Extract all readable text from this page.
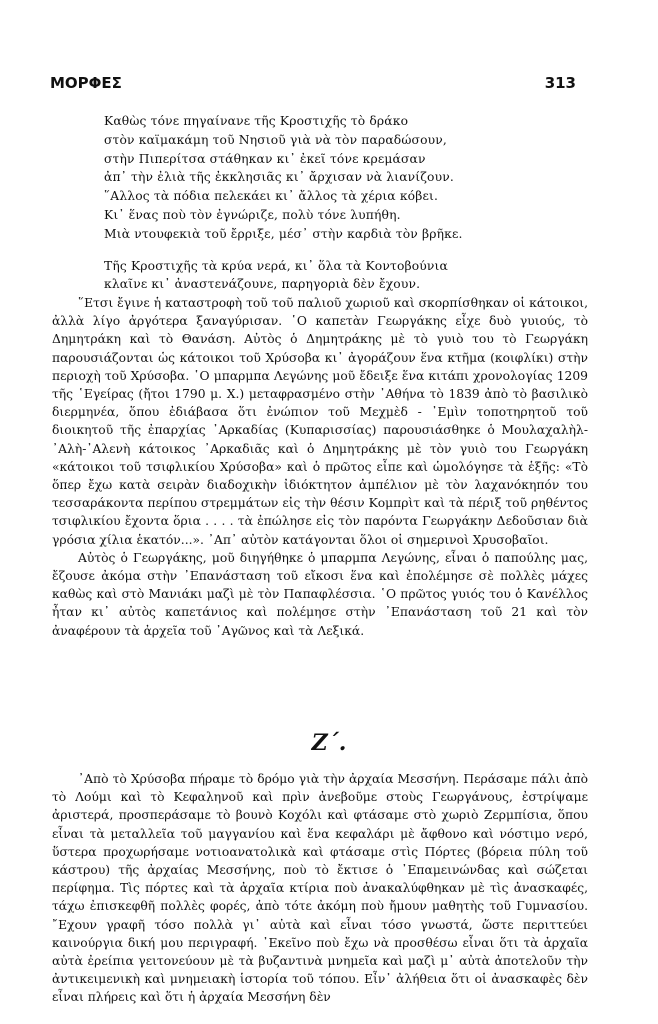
ΜΟΡΦΕΣ	313
Καθὼς τόνε πηγαίνανε τῆς Κροστιχῆς τὸ δράκο
στὸν καϊμακάμη τοῦ Νησιοῦ γιὰ νὰ τὸν παραδώσουν,
στὴν Πιπερίτσα στάθηκαν κι᾽ ἐκεῖ τόνε κρεμάσαν
ἀπ᾽ τὴν ἐλιὰ τῆς ἐκκλησιᾶς κι᾽ ἄρχισαν νὰ λιανίζουν.
῞Αλλος τὰ πόδια πελεκάει κι᾽ ἄλλος τὰ χέρια κόβει.
Κι᾽ ἕνας ποὺ τὸν ἐγνώριζε, πολὺ τόνε λυπήθη.
Μιὰ ντουφεκιὰ τοῦ ἔρριξε, μέσ᾽ στὴν καρδιὰ τὸν βρῆκε.
Τῆς Κροστιχῆς τὰ κρύα νερά, κι᾽ ὅλα τὰ Κοντοβούνια
κλαῖνε κι᾽ ἀναστενάζουνε, παρηγοριὰ δὲν ἔχουν.

῞Ετσι ἔγινε ἡ καταστροφὴ τοῦ τοῦ παλιοῦ χωριοῦ καὶ σκορπίσθηκαν οἱ κάτοικοι, ἀλλὰ λίγο ἀργότερα ξαναγύρισαν. ῾Ο καπετὰν Γεωργάκης εἶχε δυὸ γυιούς, τὸ Δημητράκη καὶ τὸ Θανάση. Αὐτὸς ὁ Δημητράκης μὲ τὸ γυιὸ του τὸ Γεωργάκη παρουσιάζονται ὡς κάτοικοι τοῦ Χρύσοβα κι᾽ ἀγοράζουν ἕνα κτῆμα (κοιφλίκι) στὴν περιοχὴ τοῦ Χρύσοβα. ῾Ο μπαρμπα Λεγώνης μοῦ ἔδειξε ἕνα κιτάπι χρονολογίας 1209 τῆς ῾Εγείρας (ἤτοι 1790 μ. Χ.) μεταφρασμένο στὴν ᾽Αθήνα τὸ 1839 ἀπὸ τὸ βασιλικὸ διερμηνέα, ὅπου ἐδιάβασα ὅτι ἐνώπιον τοῦ Μεχμὲδ - ᾽Εμὶν τοποτηρητοῦ τοῦ διοικητοῦ τῆς ἐπαρχίας ᾽Αρκαδίας (Κυπαρισσίας) παρουσιάσθηκε ὁ Μουλαχαλὴλ-᾽Αλὴ-᾽Αλενὴ κάτοικος ᾽Αρκαδιᾶς καὶ ὁ Δημητράκης μὲ τὸν γυιὸ του Γεωργάκη «κάτοικοι τοῦ τσιφλικίου Χρύσοβα» καὶ ὁ πρῶτος εἶπε καὶ ὡμολόγησε τὰ ἑξῆς: «Τὸ ὅπερ ἔχω κατὰ σειρὰν διαδοχικὴν ἰδιόκτητον ἀμπέλιον μὲ τὸν λαχανόκηπόν του τεσσαράκοντα περίπου στρεμμάτων εἰς τὴν θέσιν Κομπρὶτ καὶ τὰ πέριξ τοῦ ρηθέντος τσιφλικίου ἔχοντα ὅρια . . . . τὰ ἐπώλησε εἰς τὸν παρόντα Γεωργάκην Δεδοῦσιαν διὰ γρόσια χίλια ἑκατόν...». ᾽Απ᾽ αὐτὸν κατάγονται ὅλοι οἱ σημερινοὶ Χρυσοβαῖοι.

Αὐτὸς ὁ Γεωργάκης, μοῦ διηγήθηκε ὁ μπαρμπα Λεγώνης, εἶναι ὁ παπούλης μας, ἔζουσε ἀκόμα στὴν ᾽Επανάσταση τοῦ εἴκοσι ἕνα καὶ ἐπολέμησε σὲ πολλὲς μάχες καθὼς καὶ στὸ Μανιάκι μαζὶ μὲ τὸν Παπαφλέσσια. ῾Ο πρῶτος γυιός του ὁ Κανέλλος ἦταν κι᾽ αὐτὸς καπετάνιος καὶ πολέμησε στὴν ᾽Επανάσταση τοῦ 21 καὶ τὸν ἀναφέρουν τὰ ἀρχεῖα τοῦ ᾽Αγῶνος καὶ τὰ Λεξικά.

Ζ΄.

᾽Απὸ τὸ Χρύσοβα πήραμε τὸ δρόμο γιὰ τὴν ἀρχαία Μεσσήνη. Περάσαμε πάλι ἀπὸ τὸ Λούμι καὶ τὸ Κεφαληνοῦ καὶ πρὶν ἀνεβοῦμε στοὺς Γεωργάνους, ἐστρίψαμε ἀριστερά, προσπεράσαμε τὸ βουνὸ Κοχόλι καὶ φτάσαμε στὸ χωριὸ Ζερμπίσια, ὅπου εἶναι τὰ μεταλλεῖα τοῦ μαγγανίου καὶ ἕνα κεφαλάρι μὲ ἄφθονο καὶ νόστιμο νερό, ὕστερα προχωρήσαμε νοτιοανατολικὰ καὶ φτάσαμε στὶς Πόρτες (βόρεια πύλη τοῦ κάστρου) τῆς ἀρχαίας Μεσσήνης, ποὺ τὸ ἔκτισε ὁ ᾽Επαμεινώνδας καὶ σώζεται περίφημα. Τὶς πόρτες καὶ τὰ ἀρχαῖα κτίρια ποὺ ἀνακαλύφθηκαν μὲ τὶς ἀνασκαφές, τάχω ἐπισκεφθῆ πολλὲς φορές, ἀπὸ τότε ἀκόμη ποὺ ἤμουν μαθητὴς τοῦ Γυμνασίου. ῎Εχουν γραφῆ τόσο πολλὰ γι᾽ αὐτὰ καὶ εἶναι τόσο γνωστά, ὥστε περιττεύει καινούργια δική μου περιγραφή. ᾽Εκεῖνο ποὺ ἔχω νὰ προσθέσω εἶναι ὅτι τὰ ἀρχαῖα αὐτὰ ἐρείπια γειτονεύουν μὲ τὰ βυζαντινὰ μνημεῖα καὶ μαζὶ μ᾽ αὐτὰ ἀποτελοῦν τὴν ἀντικειμενικὴ καὶ μνημειακὴ ἱστορία τοῦ τόπου. Εἶν᾽ ἀλήθεια ὅτι οἱ ἀνασκαφὲς δὲν εἶναι πλήρεις καὶ ὅτι ἡ ἀρχαία Μεσσήνη δὲν
